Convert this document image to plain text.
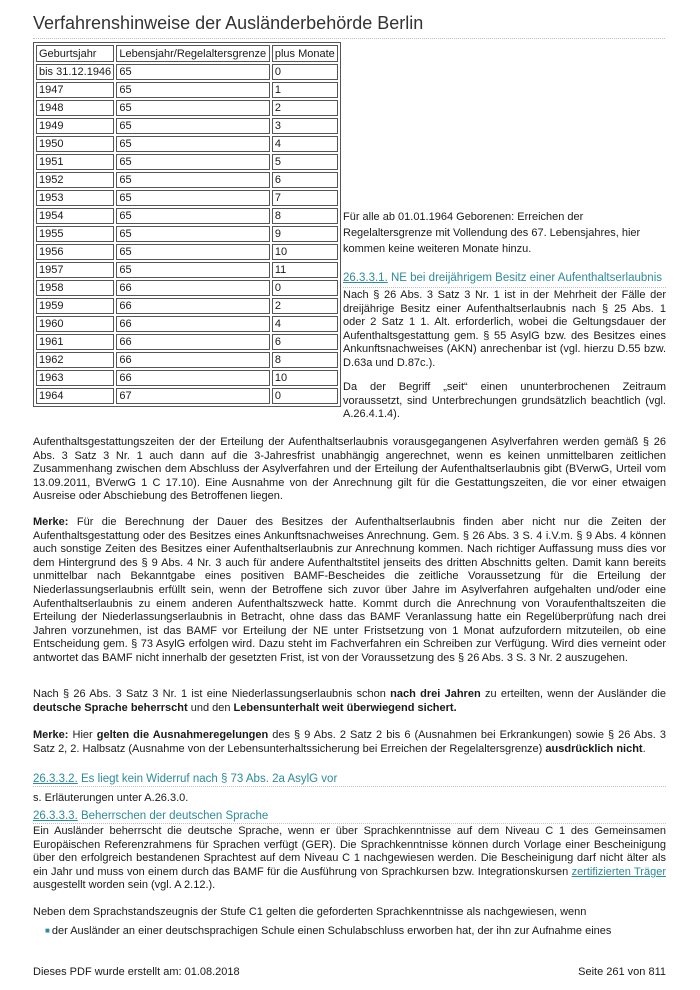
Verfahrenshinweise der Ausländerbehörde Berlin
Geburtsjahr	Lebensjahr/Regelaltersgrenze	plus Monate
bis 31.12.1946	65	0
1947	65	1
1948	65	2
1949	65	3
1950	65	4
1951	65	5
1952	65	6
1953	65	7
1954	65	8
1955	65	9
1956	65	10
1957	65	11
1958	66	0
1959	66	2
1960	66	4
1961	66	6
1962	66	8
1963	66	10
1964	67	0
Für alle ab 01.01.1964 Geborenen: Erreichen der Regelaltersgrenze mit Vollendung des 67. Lebensjahres, hier kommen keine weiteren Monate hinzu.
26.3.3.1. NE bei dreijährigem Besitz einer Aufenthaltserlaubnis
Nach § 26 Abs. 3 Satz 3 Nr. 1 ist in der Mehrheit der Fälle der dreijährige Besitz einer Aufenthaltserlaubnis nach § 25 Abs. 1 oder 2 Satz 1 1. Alt. erforderlich, wobei die Geltungsdauer der Aufenthaltsgestattung gem. § 55 AsylG bzw. des Besitzes eines Ankunftsnachweises (AKN) anrechenbar ist (vgl. hierzu D.55 bzw. D.63a und D.87c.).
Da der Begriff „seit“ einen ununterbrochenen Zeitraum voraussetzt, sind Unterbrechungen grundsätzlich beachtlich (vgl. A.26.4.1.4).
Aufenthaltsgestattungszeiten der der Erteilung der Aufenthaltserlaubnis vorausgegangenen Asylverfahren werden gemäß § 26 Abs. 3 Satz 3 Nr. 1 auch dann auf die 3-Jahresfrist unabhängig angerechnet, wenn es keinen unmittelbaren zeitlichen Zusammenhang zwischen dem Abschluss der Asylverfahren und der Erteilung der Aufenthaltserlaubnis gibt (BVerwG, Urteil vom 13.09.2011, BVerwG 1 C 17.10). Eine Ausnahme von der Anrechnung gilt für die Gestattungszeiten, die vor einer etwaigen Ausreise oder Abschiebung des Betroffenen liegen.
Merke: Für die Berechnung der Dauer des Besitzes der Aufenthaltserlaubnis finden aber nicht nur die Zeiten der Aufenthaltsgestattung oder des Besitzes eines Ankunftsnachweises Anrechnung. Gem. § 26 Abs. 3 S. 4 i.V.m. § 9 Abs. 4 können auch sonstige Zeiten des Besitzes einer Aufenthaltserlaubnis zur Anrechnung kommen. Nach richtiger Auffassung muss dies vor dem Hintergrund des § 9 Abs. 4 Nr. 3 auch für andere Aufenthaltstitel jenseits des dritten Abschnitts gelten. Damit kann bereits unmittelbar nach Bekanntgabe eines positiven BAMF-Bescheides die zeitliche Voraussetzung für die Erteilung der Niederlassungserlaubnis erfüllt sein, wenn der Betroffene sich zuvor über Jahre im Asylverfahren aufgehalten und/oder eine Aufenthaltserlaubnis zu einem anderen Aufenthaltszweck hatte. Kommt durch die Anrechnung von Voraufenthaltszeiten die Erteilung der Niederlassungserlaubnis in Betracht, ohne dass das BAMF Veranlassung hatte ein Regelüberprüfung nach drei Jahren vorzunehmen, ist das BAMF vor Erteilung der NE unter Fristsetzung von 1 Monat aufzufordern mitzuteilen, ob eine Entscheidung gem. § 73 AsylG erfolgen wird. Dazu steht im Fachverfahren ein Schreiben zur Verfügung. Wird dies verneint oder antwortet das BAMF nicht innerhalb der gesetzten Frist, ist von der Voraussetzung des § 26 Abs. 3 S. 3 Nr. 2 auszugehen.
Nach § 26 Abs. 3 Satz 3 Nr. 1 ist eine Niederlassungserlaubnis schon nach drei Jahren zu erteilten, wenn der Ausländer die deutsche Sprache beherrscht und den Lebensunterhalt weit überwiegend sichert.
Merke: Hier gelten die Ausnahmeregelungen des § 9 Abs. 2 Satz 2 bis 6 (Ausnahmen bei Erkrankungen) sowie § 26 Abs. 3 Satz 2, 2. Halbsatz (Ausnahme von der Lebensunterhaltssicherung bei Erreichen der Regelaltersgrenze) ausdrücklich nicht.
26.3.3.2. Es liegt kein Widerruf nach § 73 Abs. 2a AsylG vor
s. Erläuterungen unter A.26.3.0.
26.3.3.3. Beherrschen der deutschen Sprache
Ein Ausländer beherrscht die deutsche Sprache, wenn er über Sprachkenntnisse auf dem Niveau C 1 des Gemeinsamen Europäischen Referenzrahmens für Sprachen verfügt (GER). Die Sprachkenntnisse können durch Vorlage einer Bescheinigung über den erfolgreich bestandenen Sprachtest auf dem Niveau C 1 nachgewiesen werden. Die Bescheinigung darf nicht älter als ein Jahr und muss von einem durch das BAMF für die Ausführung von Sprachkursen bzw. Integrationskursen zertifizierten Träger ausgestellt worden sein (vgl. A 2.12.).
Neben dem Sprachstandszeugnis der Stufe C1 gelten die geforderten Sprachkenntnisse als nachgewiesen, wenn
■ der Ausländer an einer deutschsprachigen Schule einen Schulabschluss erworben hat, der ihn zur Aufnahme eines
Dieses PDF wurde erstellt am: 01.08.2018	Seite 261 von 811
